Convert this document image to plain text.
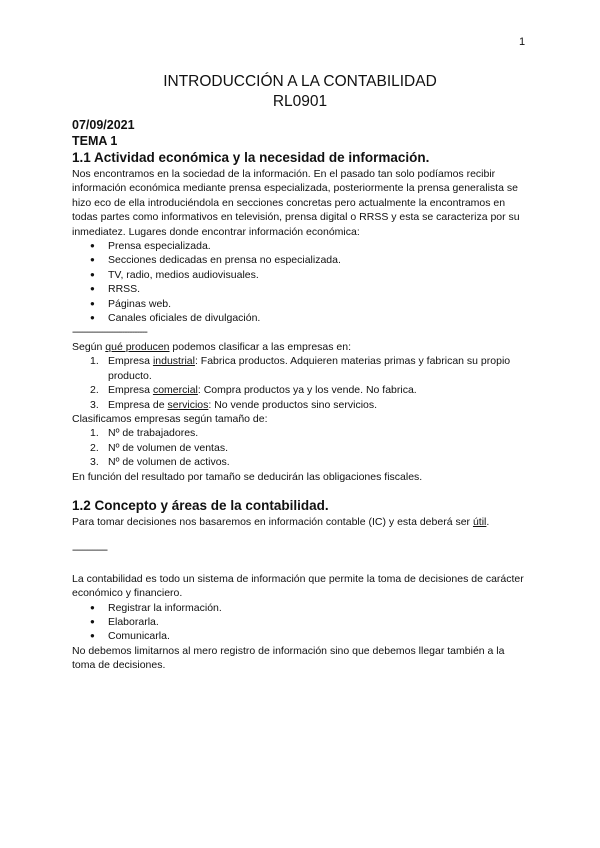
1
INTRODUCCIÓN A LA CONTABILIDAD
RL0901
07/09/2021
TEMA 1
1.1 Actividad económica y la necesidad de información.

Nos encontramos en la sociedad de la información. En el pasado tan solo podíamos recibir información económica mediante prensa especializada, posteriormente la prensa generalista se hizo eco de ella introduciéndola en secciones concretas pero actualmente la encontramos en todas partes como informativos en televisión, prensa digital o RRSS y esta se caracteriza por su inmediatez. Lugares donde encontrar información económica:

● Prensa especializada.
● Secciones dedicadas en prensa no especializada.
● TV, radio, medios audiovisuales.
● RRSS.
● Páginas web.
● Canales oficiales de divulgación.
------------------------------

Según qué producen podemos clasificar a las empresas en:

1. Empresa industrial: Fabrica productos. Adquieren materias primas y fabrican su propio producto.
2. Empresa comercial: Compra productos ya y los vende. No fabrica.
3. Empresa de servicios: No vende productos sino servicios.

Clasificamos empresas según tamaño de:

1. Nº de trabajadores.
2. Nº de volumen de ventas.
3. Nº de volumen de activos.

En función del resultado por tamaño se deducirán las obligaciones fiscales.

1.2 Concepto y áreas de la contabilidad.

Para tomar decisiones nos basaremos en información contable (IC) y esta deberá ser útil.

--------------

La contabilidad es todo un sistema de información que permite la toma de decisiones de carácter económico y financiero.

● Registrar la información.
● Elaborarla.
● Comunicarla.

No debemos limitarnos al mero registro de información sino que debemos llegar también a la toma de decisiones.
